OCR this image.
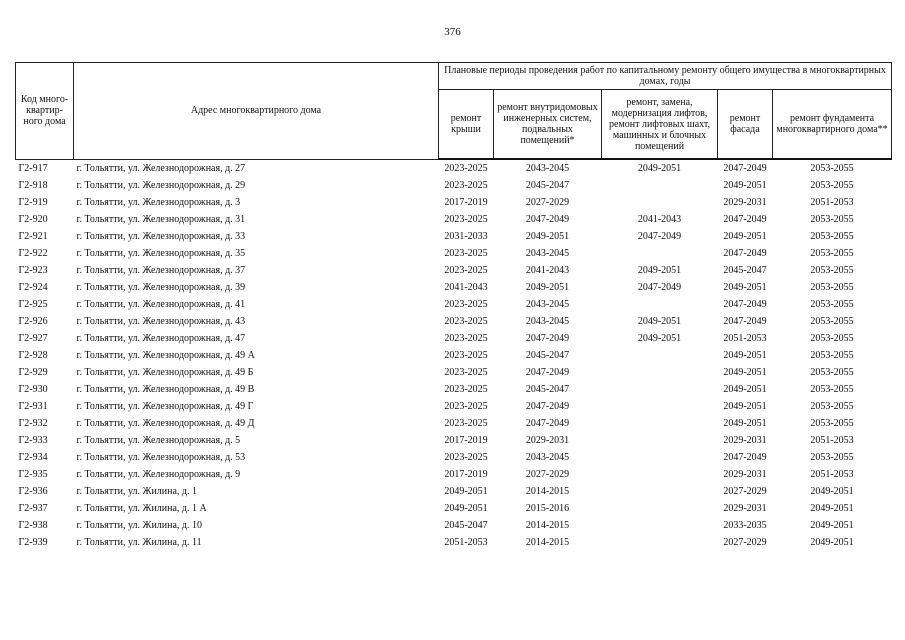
376
Код много-
квартир-
ного дома	Адрес многоквартирного дома	Плановые периоды проведения работ по капитальному ремонту общего имущества в многоквартирных домах, годы				
		ремонт крыши	ремонт внутридомовых инженерных систем, подвальных помещений*	ремонт, замена, модернизация лифтов, ремонт лифтовых шахт, машинных и блочных помещений	ремонт фасада	ремонт фундамента многоквартирного дома**
Г2-917	г. Тольятти, ул. Железнодорожная, д. 27	2023-2025	2043-2045	2049-2051	2047-2049	2053-2055
Г2-918	г. Тольятти, ул. Железнодорожная, д. 29	2023-2025	2045-2047		2049-2051	2053-2055
Г2-919	г. Тольятти, ул. Железнодорожная, д. 3	2017-2019	2027-2029		2029-2031	2051-2053
Г2-920	г. Тольятти, ул. Железнодорожная, д. 31	2023-2025	2047-2049	2041-2043	2047-2049	2053-2055
Г2-921	г. Тольятти, ул. Железнодорожная, д. 33	2031-2033	2049-2051	2047-2049	2049-2051	2053-2055
Г2-922	г. Тольятти, ул. Железнодорожная, д. 35	2023-2025	2043-2045		2047-2049	2053-2055
Г2-923	г. Тольятти, ул. Железнодорожная, д. 37	2023-2025	2041-2043	2049-2051	2045-2047	2053-2055
Г2-924	г. Тольятти, ул. Железнодорожная, д. 39	2041-2043	2049-2051	2047-2049	2049-2051	2053-2055
Г2-925	г. Тольятти, ул. Железнодорожная, д. 41	2023-2025	2043-2045		2047-2049	2053-2055
Г2-926	г. Тольятти, ул. Железнодорожная, д. 43	2023-2025	2043-2045	2049-2051	2047-2049	2053-2055
Г2-927	г. Тольятти, ул. Железнодорожная, д. 47	2023-2025	2047-2049	2049-2051	2051-2053	2053-2055
Г2-928	г. Тольятти, ул. Железнодорожная, д. 49 А	2023-2025	2045-2047		2049-2051	2053-2055
Г2-929	г. Тольятти, ул. Железнодорожная, д. 49 Б	2023-2025	2047-2049		2049-2051	2053-2055
Г2-930	г. Тольятти, ул. Железнодорожная, д. 49 В	2023-2025	2045-2047		2049-2051	2053-2055
Г2-931	г. Тольятти, ул. Железнодорожная, д. 49 Г	2023-2025	2047-2049		2049-2051	2053-2055
Г2-932	г. Тольятти, ул. Железнодорожная, д. 49 Д	2023-2025	2047-2049		2049-2051	2053-2055
Г2-933	г. Тольятти, ул. Железнодорожная, д. 5	2017-2019	2029-2031		2029-2031	2051-2053
Г2-934	г. Тольятти, ул. Железнодорожная, д. 53	2023-2025	2043-2045		2047-2049	2053-2055
Г2-935	г. Тольятти, ул. Железнодорожная, д. 9	2017-2019	2027-2029		2029-2031	2051-2053
Г2-936	г. Тольятти, ул. Жилина, д. 1	2049-2051	2014-2015		2027-2029	2049-2051
Г2-937	г. Тольятти, ул. Жилина, д. 1 А	2049-2051	2015-2016		2029-2031	2049-2051
Г2-938	г. Тольятти, ул. Жилина, д. 10	2045-2047	2014-2015		2033-2035	2049-2051
Г2-939	г. Тольятти, ул. Жилина, д. 11	2051-2053	2014-2015		2027-2029	2049-2051
